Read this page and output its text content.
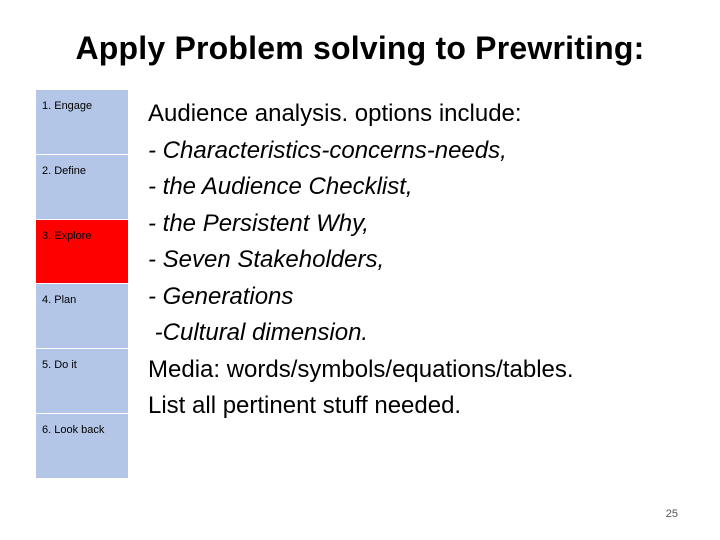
Apply Problem solving to Prewriting:
1. Engage
2. Define
3. Explore
4. Plan
5. Do it
6. Look back
Audience analysis. options include:
- Characteristics-concerns-needs,
- the Audience Checklist,
- the Persistent Why,
- Seven Stakeholders,
- Generations
-Cultural dimension.
Media: words/symbols/equations/tables.
List all pertinent stuff needed.
25
